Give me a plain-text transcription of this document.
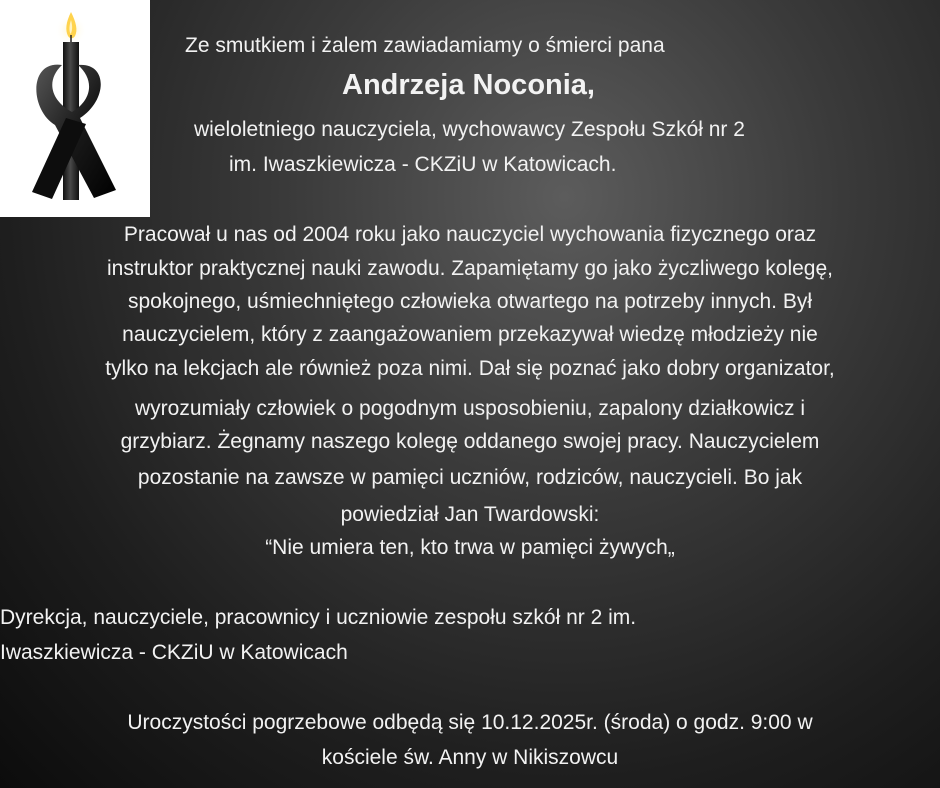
Ze smutkiem i żalem zawiadamiamy o śmierci pana
Andrzeja Noconia,
wieloletniego nauczyciela, wychowawcy Zespołu Szkół nr 2
im. Iwaszkiewicza - CKZiU w Katowicach.
Pracował u nas od 2004 roku jako nauczyciel wychowania fizycznego oraz
instruktor praktycznej nauki zawodu. Zapamiętamy go jako życzliwego kolegę,
spokojnego, uśmiechniętego człowieka otwartego na potrzeby innych. Był
nauczycielem, który z zaangażowaniem przekazywał wiedzę młodzieży nie
tylko na lekcjach ale również poza nimi. Dał się poznać jako dobry organizator,
wyrozumiały człowiek o pogodnym usposobieniu, zapalony działkowicz i
grzybiarz. Żegnamy naszego kolegę oddanego swojej pracy. Nauczycielem
pozostanie na zawsze w pamięci uczniów, rodziców, nauczycieli. Bo jak
powiedział Jan Twardowski:
“Nie umiera ten, kto trwa w pamięci żywych„
Dyrekcja, nauczyciele, pracownicy i uczniowie zespołu szkół nr 2 im.
Iwaszkiewicza - CKZiU w Katowicach
Uroczystości pogrzebowe odbędą się 10.12.2025r. (środa) o godz. 9:00 w
kościele św. Anny w Nikiszowcu
